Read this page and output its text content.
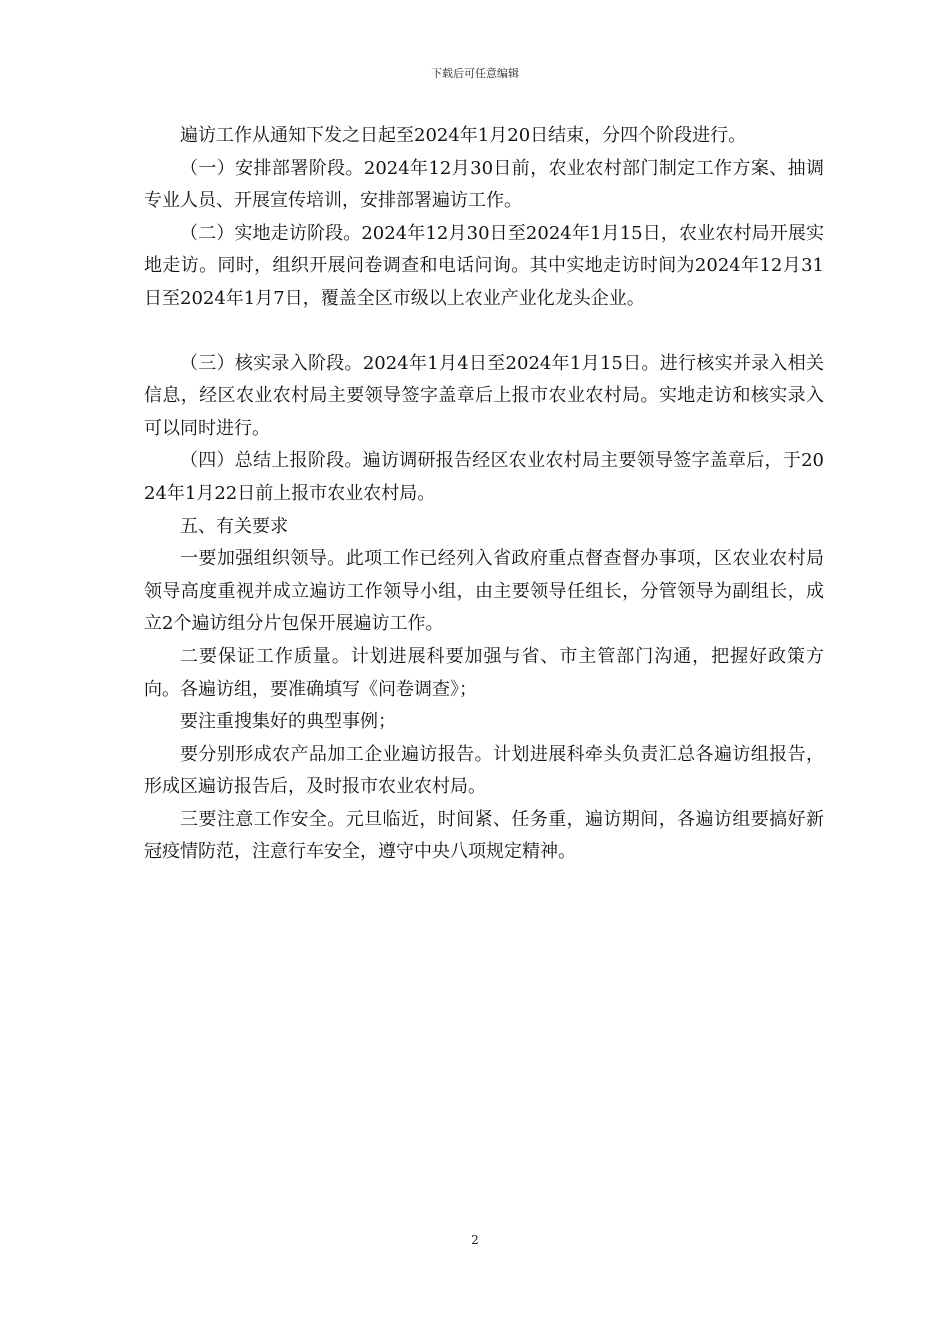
下载后可任意编辑

遍访工作从通知下发之日起至2024年1月20日结束，分四个阶段进行。

（一）安排部署阶段。2024年12月30日前，农业农村部门制定工作方案、抽调专业人员、开展宣传培训，安排部署遍访工作。

（二）实地走访阶段。2024年12月30日至2024年1月15日，农业农村局开展实地走访。同时，组织开展问卷调查和电话问询。其中实地走访时间为2024年12月31日至2024年1月7日，覆盖全区市级以上农业产业化龙头企业。

（三）核实录入阶段。2024年1月4日至2024年1月15日。进行核实并录入相关信息，经区农业农村局主要领导签字盖章后上报市农业农村局。实地走访和核实录入可以同时进行。

（四）总结上报阶段。遍访调研报告经区农业农村局主要领导签字盖章后，于2024年1月22日前上报市农业农村局。

五、有关要求

一要加强组织领导。此项工作已经列入省政府重点督查督办事项，区农业农村局领导高度重视并成立遍访工作领导小组，由主要领导任组长，分管领导为副组长，成立2个遍访组分片包保开展遍访工作。

二要保证工作质量。计划进展科要加强与省、市主管部门沟通，把握好政策方向。各遍访组，要准确填写《问卷调查》；

要注重搜集好的典型事例；

要分别形成农产品加工企业遍访报告。计划进展科牵头负责汇总各遍访组报告，形成区遍访报告后，及时报市农业农村局。

三要注意工作安全。元旦临近，时间紧、任务重，遍访期间，各遍访组要搞好新冠疫情防范，注意行车安全，遵守中央八项规定精神。

2
